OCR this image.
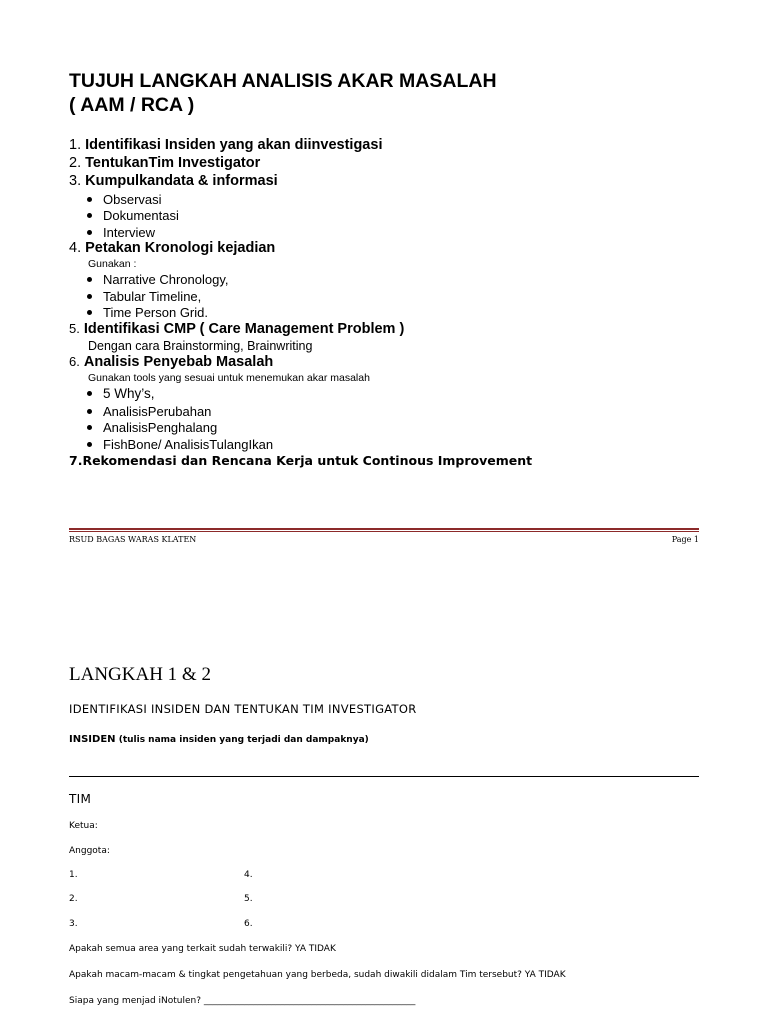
TUJUH LANGKAH ANALISIS AKAR MASALAH
( AAM / RCA )
1. Identifikasi Insiden yang akan diinvestigasi
2. TentukanTim Investigator
3. Kumpulkandata & informasi
Observasi
Dokumentasi
Interview
4. Petakan Kronologi kejadian
Gunakan :
Narrative Chronology,
Tabular Timeline,
Time Person Grid.
5. Identifikasi CMP ( Care Management Problem )
Dengan cara Brainstorming, Brainwriting
6. Analisis Penyebab Masalah
Gunakan tools yang sesuai untuk menemukan akar masalah
5 Why’s,
AnalisisPerubahan
AnalisisPenghalang
FishBone/ AnalisisTulangIkan
7.Rekomendasi dan Rencana Kerja untuk Continous Improvement
RSUD BAGAS WARAS KLATEN	Page 1
LANGKAH 1 & 2
IDENTIFIKASI INSIDEN DAN TENTUKAN TIM INVESTIGATOR
INSIDEN (tulis nama insiden yang terjadi dan dampaknya)
TIM
Ketua:
Anggota:
1.	4.
2.	5.
3.	6.
Apakah semua area yang terkait sudah terwakili? YA TIDAK
Apakah macam-macam & tingkat pengetahuan yang berbeda, sudah diwakili didalam Tim tersebut? YA TIDAK
Siapa yang menjad iNotulen? _______________________________________________
